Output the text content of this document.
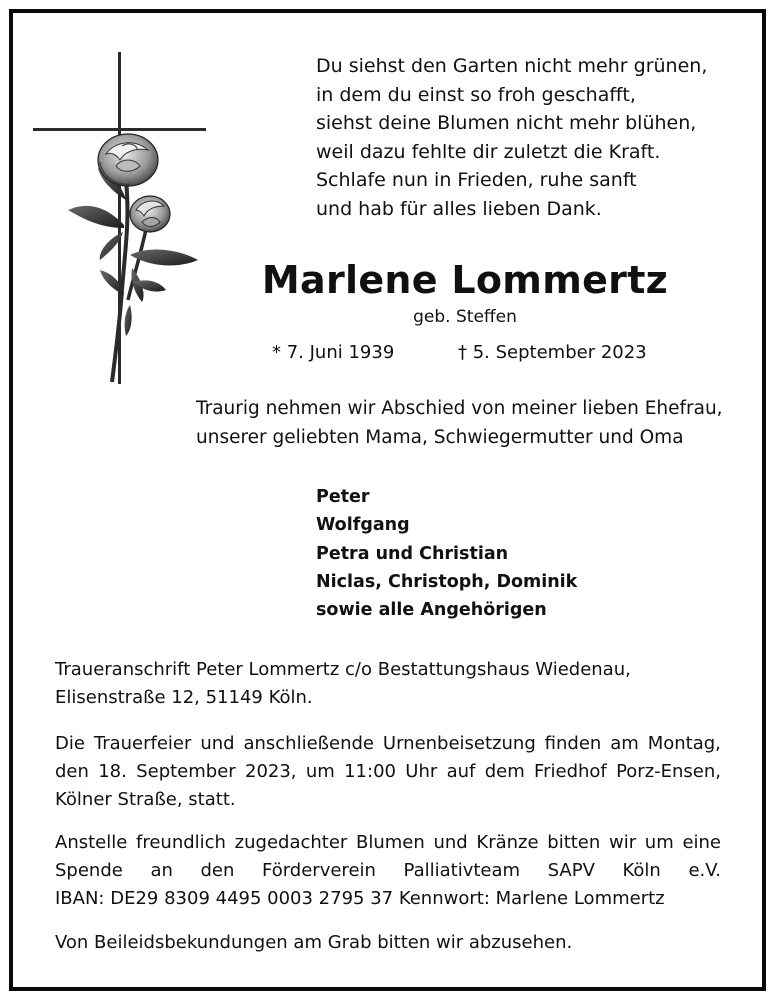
Du siehst den Garten nicht mehr grünen,
in dem du einst so froh geschafft,
siehst deine Blumen nicht mehr blühen,
weil dazu fehlte dir zuletzt die Kraft.
Schlafe nun in Frieden, ruhe sanft
und hab für alles lieben Dank.
Marlene Lommertz
geb. Steffen
* 7. Juni 1939	† 5. September 2023
Traurig nehmen wir Abschied von meiner lieben Ehefrau,
unserer geliebten Mama, Schwiegermutter und Oma
Peter
Wolfgang
Petra und Christian
Niclas, Christoph, Dominik
sowie alle Angehörigen
Traueranschrift Peter Lommertz c/o Bestattungshaus Wiedenau,
Elisenstraße 12, 51149 Köln.
Die Trauerfeier und anschließende Urnenbeisetzung finden am Montag,
den 18. September 2023, um 11:00 Uhr auf dem Friedhof Porz-Ensen,
Kölner Straße, statt.
Anstelle freundlich zugedachter Blumen und Kränze bitten wir um eine
Spende an den Förderverein Palliativteam SAPV Köln e.V.
IBAN: DE29 8309 4495 0003 2795 37 Kennwort: Marlene Lommertz
Von Beileidsbekundungen am Grab bitten wir abzusehen.
